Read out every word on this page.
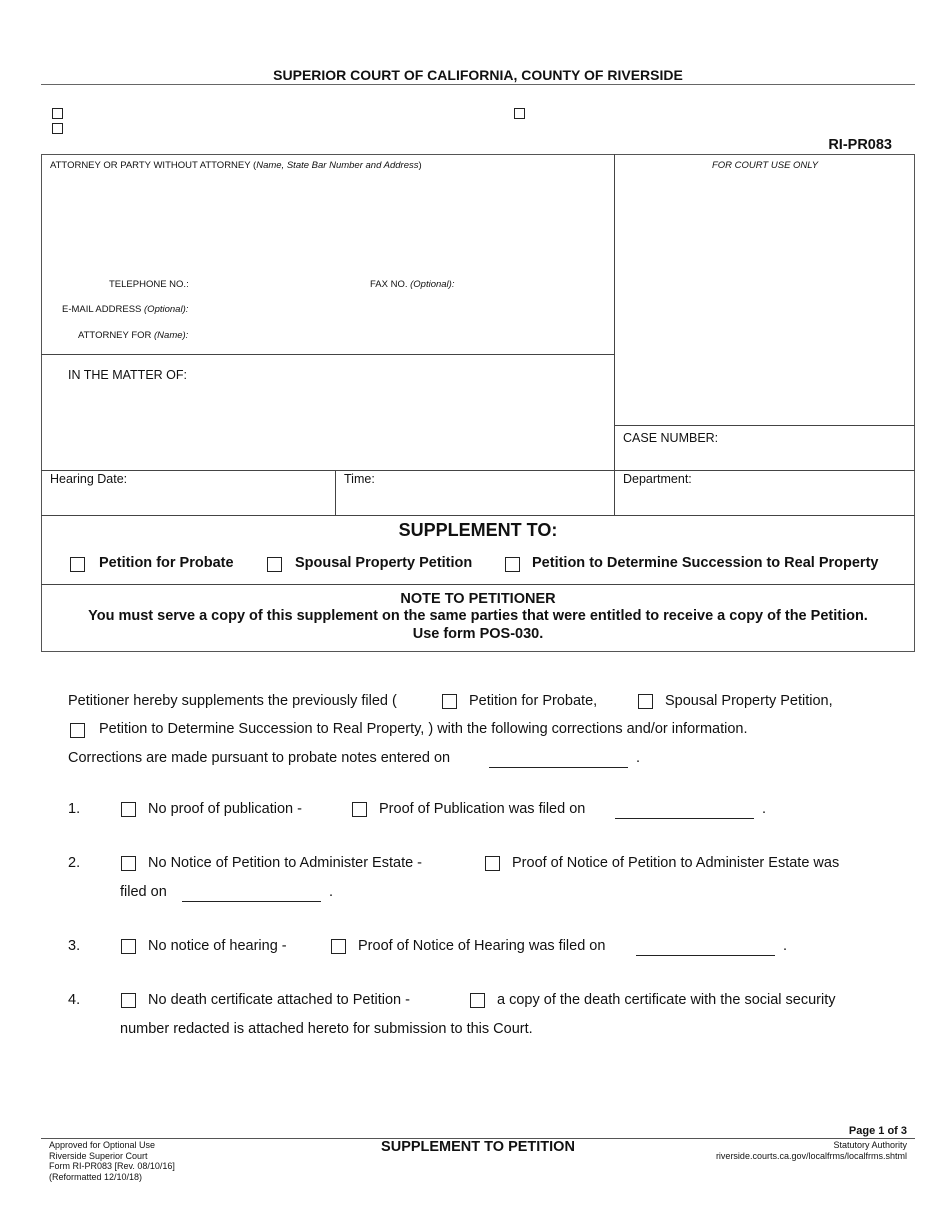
SUPERIOR COURT OF CALIFORNIA, COUNTY OF RIVERSIDE
RI-PR083
ATTORNEY OR PARTY WITHOUT ATTORNEY (Name, State Bar Number and Address)	FOR COURT USE ONLY
TELEPHONE NO.:	FAX NO. (Optional):
E-MAIL ADDRESS (Optional):
ATTORNEY FOR (Name):
IN THE MATTER OF:
CASE NUMBER:
Hearing Date:	Time:	Department:
SUPPLEMENT TO:
Petition for Probate	Spousal Property Petition	Petition to Determine Succession to Real Property
NOTE TO PETITIONER
You must serve a copy of this supplement on the same parties that were entitled to receive a copy of the Petition.
Use form POS-030.
Petitioner hereby supplements the previously filed (	Petition for Probate,	Spousal Property Petition,
Petition to Determine Succession to Real Property, ) with the following corrections and/or information.
Corrections are made pursuant to probate notes entered on	.
1.	No proof of publication -	Proof of Publication was filed on	.
2.	No Notice of Petition to Administer Estate -	Proof of Notice of Petition to Administer Estate was
filed on	.
3.	No notice of hearing -	Proof of Notice of Hearing was filed on	.
4.	No death certificate attached to Petition -	a copy of the death certificate with the social security
number redacted is attached hereto for submission to this Court.
Page 1 of 3
Approved for Optional Use
Riverside Superior Court
Form RI-PR083 [Rev. 08/10/16]
(Reformatted 12/10/18)
SUPPLEMENT TO PETITION	Statutory Authority
riverside.courts.ca.gov/localfrms/localfrms.shtml
